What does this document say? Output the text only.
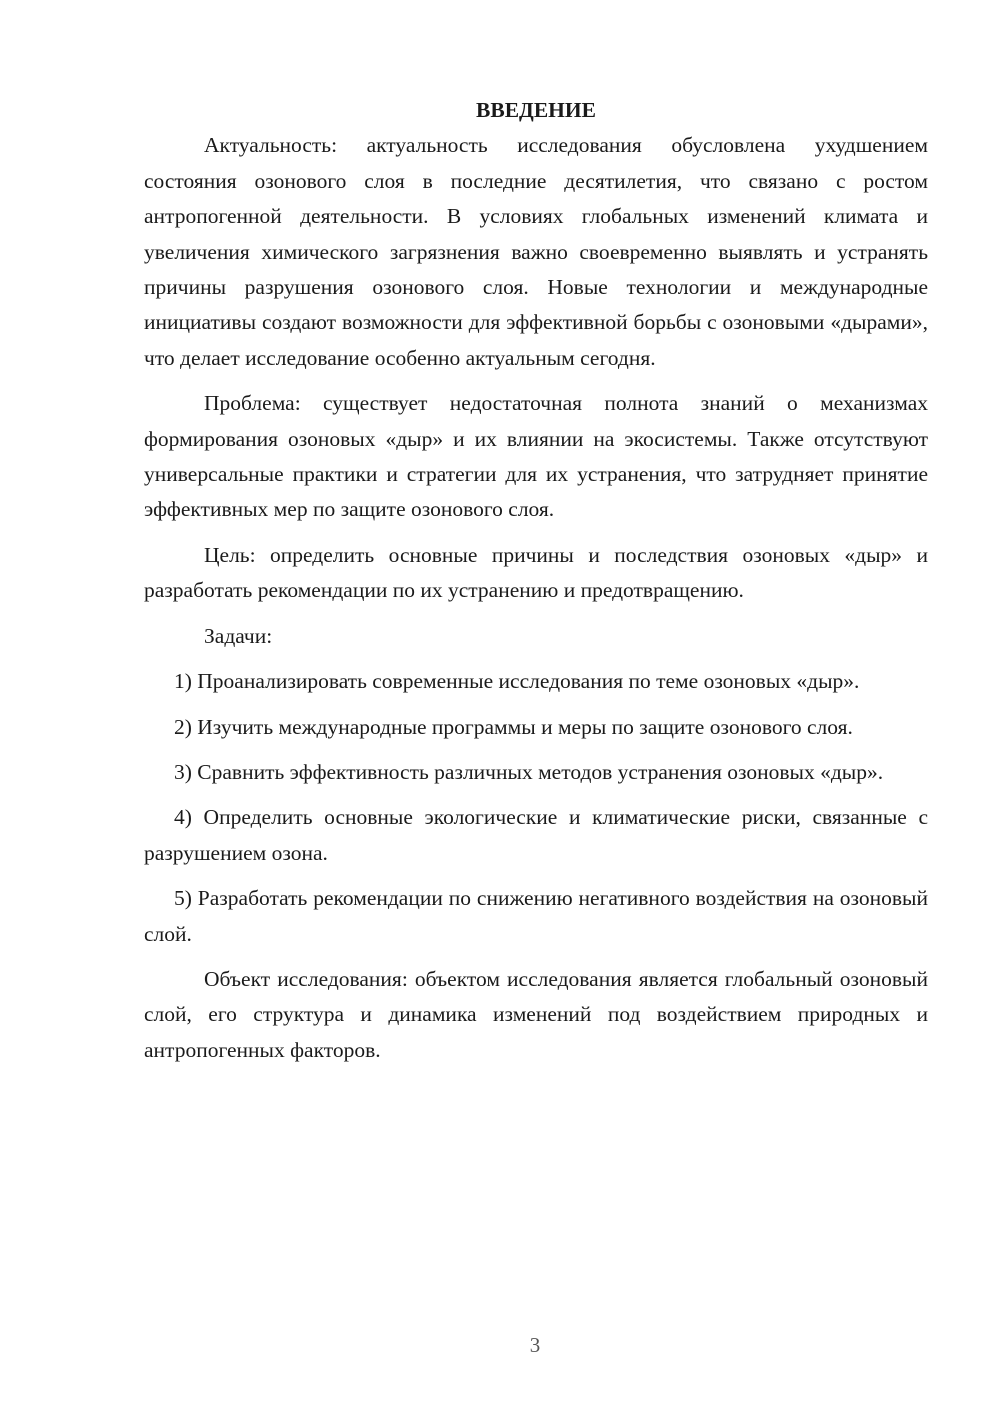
ВВЕДЕНИЕ

Актуальность: актуальность исследования обусловлена ухудшением состояния озонового слоя в последние десятилетия, что связано с ростом антропогенной деятельности. В условиях глобальных изменений климата и увеличения химического загрязнения важно своевременно выявлять и устранять причины разрушения озонового слоя. Новые технологии и международные инициативы создают возможности для эффективной борьбы с озоновыми «дырами», что делает исследование особенно актуальным сегодня.

Проблема: существует недостаточная полнота знаний о механизмах формирования озоновых «дыр» и их влиянии на экосистемы. Также отсутствуют универсальные практики и стратегии для их устранения, что затрудняет принятие эффективных мер по защите озонового слоя.

Цель: определить основные причины и последствия озоновых «дыр» и разработать рекомендации по их устранению и предотвращению.

Задачи:

1) Проанализировать современные исследования по теме озоновых «дыр».

2) Изучить международные программы и меры по защите озонового слоя.

3) Сравнить эффективность различных методов устранения озоновых «дыр».

4) Определить основные экологические и климатические риски, связанные с разрушением озона.

5) Разработать рекомендации по снижению негативного воздействия на озоновый слой.

Объект исследования: объектом исследования является глобальный озоновый слой, его структура и динамика изменений под воздействием природных и антропогенных факторов.

3
